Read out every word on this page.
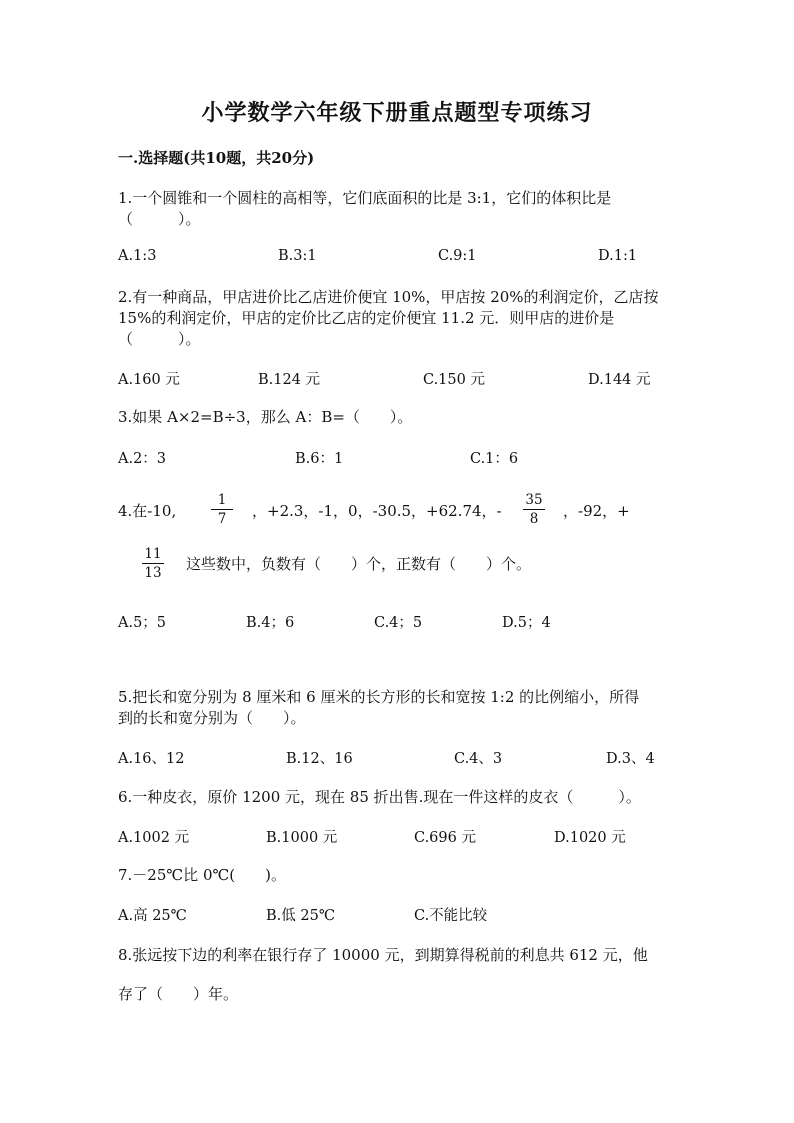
小学数学六年级下册重点题型专项练习
一.选择题(共10题，共20分)
1.一个圆锥和一个圆柱的高相等，它们底面积的比是 3:1，它们的体积比是
（　　　）。
A.1:3	B.3:1	C.9:1	D.1:1
2.有一种商品，甲店进价比乙店进价便宜 10%，甲店按 20%的利润定价，乙店按
15%的利润定价，甲店的定价比乙店的定价便宜 11.2 元．则甲店的进价是
（　　　）。
A.160 元	B.124 元	C.150 元	D.144 元
3.如果 A×2=B÷3，那么 A：B=（　　）。
A.2：3	B.6：1	C.1：6
4.在-10,
1
7	，+2.3，-1，0，-30.5，+62.74，-
35
8	，-92，+
11
13 这些数中，负数有（　　）个，正数有（　　）个。
A.5；5	B.4；6	C.4；5	D.5；4
5.把长和宽分别为 8 厘米和 6 厘米的长方形的长和宽按 1:2 的比例缩小，所得
到的长和宽分别为（　　）。
A.16、12	B.12、16	C.4、3	D.3、4
6.一种皮衣，原价 1200 元，现在 85 折出售.现在一件这样的皮衣（　　　）。
A.1002 元	B.1000 元	C.696 元	D.1020 元
7.－25℃比 0℃(　　)。
A.高 25℃	B.低 25℃	C.不能比较
8.张远按下边的利率在银行存了 10000 元，到期算得税前的利息共 612 元，他
存了（　　）年。
